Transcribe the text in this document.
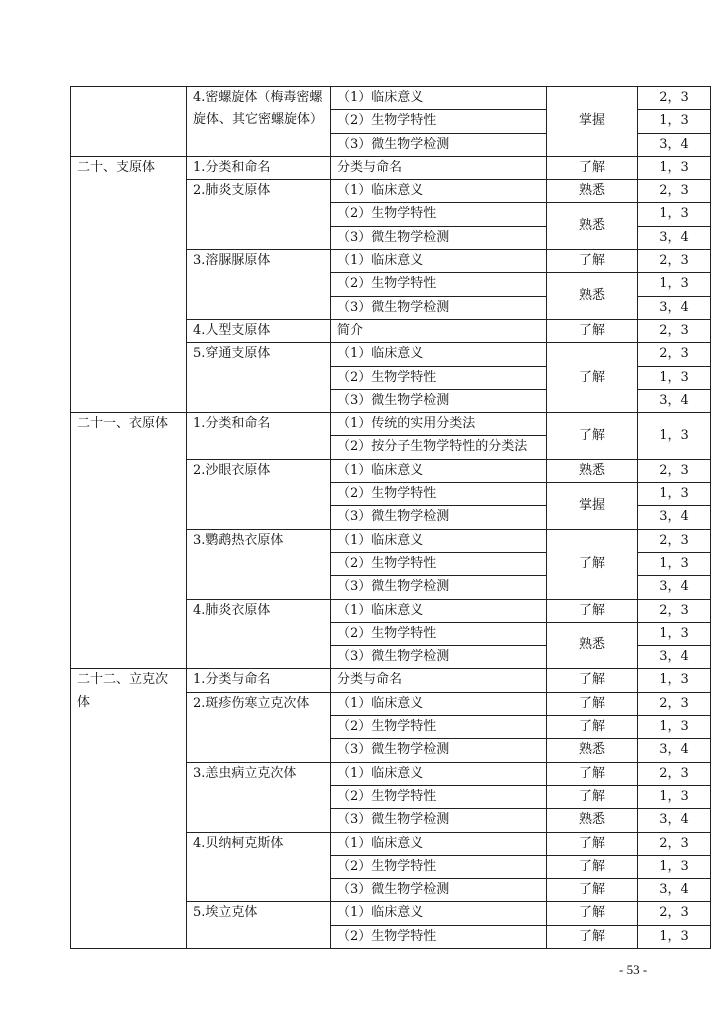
	4.密螺旋体（梅毒密螺旋体、其它密螺旋体）	（1）临床意义	掌握	2，3
		（2）生物学特性		1，3
		（3）微生物学检测		3，4
二十、支原体	1.分类和命名	分类与命名	了解	1，3
	2.肺炎支原体	（1）临床意义	熟悉	2，3
		（2）生物学特性	熟悉	1，3
		（3）微生物学检测		3，4
	3.溶脲脲原体	（1）临床意义	了解	2，3
		（2）生物学特性	熟悉	1，3
		（3）微生物学检测		3，4
	4.人型支原体	简介	了解	2，3
	5.穿通支原体	（1）临床意义	了解	2，3
		（2）生物学特性		1，3
		（3）微生物学检测		3，4
二十一、衣原体	1.分类和命名	（1）传统的实用分类法	了解	1，3
		（2）按分子生物学特性的分类法		

	2.沙眼衣原体	（1）临床意义	熟悉	2，3
		（2）生物学特性	掌握	1，3
		（3）微生物学检测		3，4
	3.鹦鹉热衣原体	（1）临床意义	了解	2，3
		（2）生物学特性		1，3
		（3）微生物学检测		3，4
	4.肺炎衣原体	（1）临床意义	了解	2，3
		（2）生物学特性	熟悉	1，3
		（3）微生物学检测		3，4
二十二、立克次体	1.分类与命名	分类与命名	了解	1，3
	2.斑疹伤寒立克次体	（1）临床意义	了解	2，3
		（2）生物学特性	了解	1，3
		（3）微生物学检测	熟悉	3，4
	3.恙虫病立克次体	（1）临床意义	了解	2，3
		（2）生物学特性	了解	1，3
		（3）微生物学检测	熟悉	3，4
	4.贝纳柯克斯体	（1）临床意义	了解	2，3
		（2）生物学特性	了解	1，3
		（3）微生物学检测	了解	3，4
	5.埃立克体	（1）临床意义	了解	2，3
		（2）生物学特性	了解	1，3
- 53 -
